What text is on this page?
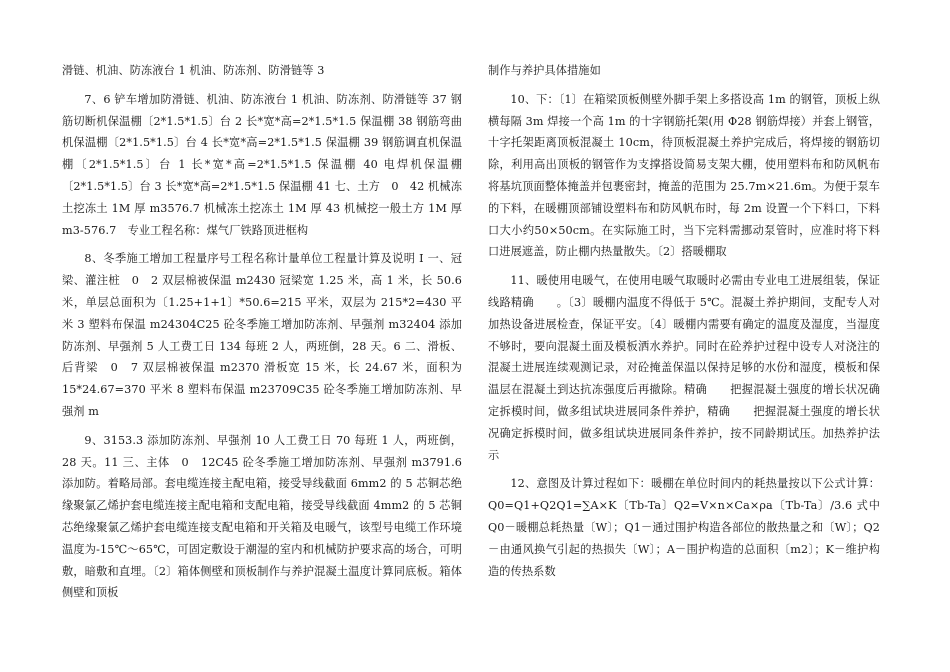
滑链、机油、防冻液台 1 机油、防冻剂、防滑链等 3

7、6 铲车增加防滑链、机油、防冻液台 1 机油、防冻剂、防滑链等 37 钢筋切断机保温棚〔2*1.5*1.5〕台 2 长*宽*高=2*1.5*1.5 保温棚 38 钢筋弯曲机保温棚〔2*1.5*1.5〕台 4 长*宽*高=2*1.5*1.5 保温棚 39 钢筋调直机保温棚〔2*1.5*1.5〕台 1 长*宽*高=2*1.5*1.5 保温棚 40 电焊机保温棚〔2*1.5*1.5〕台 3 长*宽*高=2*1.5*1.5 保温棚 41 七、土方　0　42 机械冻土挖冻土 1M 厚 m3576.7 机械冻土挖冻土 1M 厚 43 机械挖一般土方 1M 厚 m3-576.7　专业工程名称：煤气厂铁路顶进框构

8、冬季施工增加工程量序号工程名称计量单位工程量计算及说明 I 一、冠梁、灌注桩　0　2 双层棉被保温 m2430 冠梁宽 1.25 米，高 1 米，长 50.6 米，单层总面积为〔1.25+1+1〕*50.6=215 平米，双层为 215*2=430 平米 3 塑料布保温 m24304C25 砼冬季施工增加防冻剂、早强剂 m32404 添加防冻剂、早强剂 5 人工费工日 134 每班 2 人，两班倒，28 天。6 二、滑板、后背梁　0　7 双层棉被保温 m2370 滑板宽 15 米，长 24.67 米，面积为 15*24.67=370 平米 8 塑料布保温 m23709C35 砼冬季施工增加防冻剂、早强剂 m

9、3153.3 添加防冻剂、早强剂 10 人工费工日 70 每班 1 人，两班倒，28 天。11 三、主体　0　12C45 砼冬季施工增加防冻剂、早强剂 m3791.6 添加防。着略局部。套电缆连接主配电箱，接受导线截面 6mm2 的 5 芯铜芯绝缘聚氯乙烯护套电缆连接主配电箱和支配电箱，接受导线截面 4mm2 的 5 芯铜芯绝缘聚氯乙烯护套电缆连接支配电箱和开关箱及电暖气，该型号电缆工作环境温度为-15℃～65℃，可固定敷设于潮湿的室内和机械防护要求高的场合，可明敷，暗敷和直埋。〔2〕箱体侧壁和顶板制作与养护混凝土温度计算同底板。箱体侧壁和顶板

制作与养护具体措施如

10、下：〔1〕在箱梁顶板侧壁外脚手架上多搭设高 1m 的钢管，顶板上纵横每隔 3m 焊接一个高 1m 的十字钢筋托架(用 Φ28 钢筋焊接）并套上钢管，十字托架距离顶板混凝土 10cm，待顶板混凝土养护完成后，将焊接的钢筋切除，利用高出顶板的钢管作为支撑搭设简易支架大棚，使用塑料布和防风帆布将基坑顶面整体掩盖并包裹密封，掩盖的范围为 25.7m×21.6m。为便于泵车的下料，在暖棚顶部铺设塑料布和防风帆布时，每 2m 设置一个下料口，下料口大小约50×50cm。在实际施工时，当下完料需挪动泵管时，应准时将下料口进展遮盖，防止棚内热量散失。〔2〕搭暖棚取

11、暖使用电暖气，在使用电暖气取暖时必需由专业电工进展组装，保证线路精确　　。〔3〕暖棚内温度不得低于 5℃。混凝土养护期间，支配专人对加热设备进展检查，保证平安。〔4〕暖棚内需要有确定的温度及湿度，当湿度不够时，要向混凝土面及模板洒水养护。同时在砼养护过程中设专人对浇注的混凝土进展连续观测记录，对砼掩盖保温以保持足够的水份和湿度，模板和保温层在混凝土到达抗冻强度后再撤除。精确　　把握混凝土强度的增长状况确定拆模时间，做多组试块进展同条件养护，精确　　把握混凝土强度的增长状况确定拆模时间，做多组试块进展同条件养护，按不同龄期试压。加热养护法示

12、意图及计算过程如下：暖棚在单位时间内的耗热量按以下公式计算：Q0=Q1+Q2Q1=∑A×K〔Tb-Ta〕Q2=V×n×Ca×ρa〔Tb-Ta〕/3.6 式中 Q0－暖棚总耗热量〔W〕；Q1－通过围护构造各部位的散热量之和〔W〕；Q2－由通风换气引起的热损失〔W〕；A－围护构造的总面积〔m2〕；K－维护构造的传热系数
